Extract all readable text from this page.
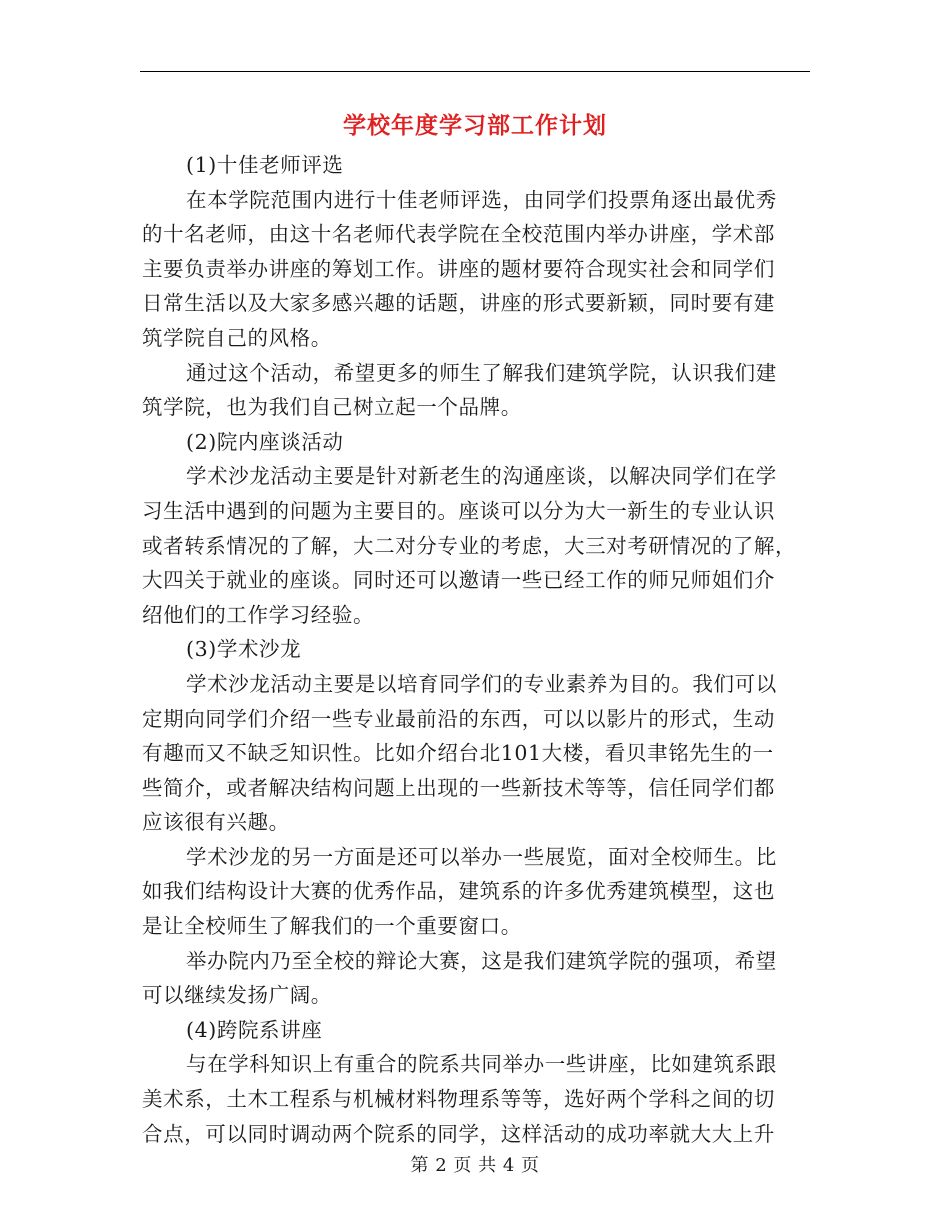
学校年度学习部工作计划
(1)十佳老师评选
在本学院范围内进行十佳老师评选，由同学们投票角逐出最优秀
的十名老师，由这十名老师代表学院在全校范围内举办讲座，学术部
主要负责举办讲座的筹划工作。讲座的题材要符合现实社会和同学们
日常生活以及大家多感兴趣的话题，讲座的形式要新颖，同时要有建
筑学院自己的风格。
通过这个活动，希望更多的师生了解我们建筑学院，认识我们建
筑学院，也为我们自己树立起一个品牌。
(2)院内座谈活动
学术沙龙活动主要是针对新老生的沟通座谈，以解决同学们在学
习生活中遇到的问题为主要目的。座谈可以分为大一新生的专业认识
或者转系情况的了解，大二对分专业的考虑，大三对考研情况的了解，
大四关于就业的座谈。同时还可以邀请一些已经工作的师兄师姐们介
绍他们的工作学习经验。
(3)学术沙龙
学术沙龙活动主要是以培育同学们的专业素养为目的。我们可以
定期向同学们介绍一些专业最前沿的东西，可以以影片的形式，生动
有趣而又不缺乏知识性。比如介绍台北101大楼，看贝聿铭先生的一
些简介，或者解决结构问题上出现的一些新技术等等，信任同学们都
应该很有兴趣。
学术沙龙的另一方面是还可以举办一些展览，面对全校师生。比
如我们结构设计大赛的优秀作品，建筑系的许多优秀建筑模型，这也
是让全校师生了解我们的一个重要窗口。
举办院内乃至全校的辩论大赛，这是我们建筑学院的强项，希望
可以继续发扬广阔。
(4)跨院系讲座
与在学科知识上有重合的院系共同举办一些讲座，比如建筑系跟
美术系，土木工程系与机械材料物理系等等，选好两个学科之间的切
合点，可以同时调动两个院系的同学，这样活动的成功率就大大上升
第 2 页 共 4 页
